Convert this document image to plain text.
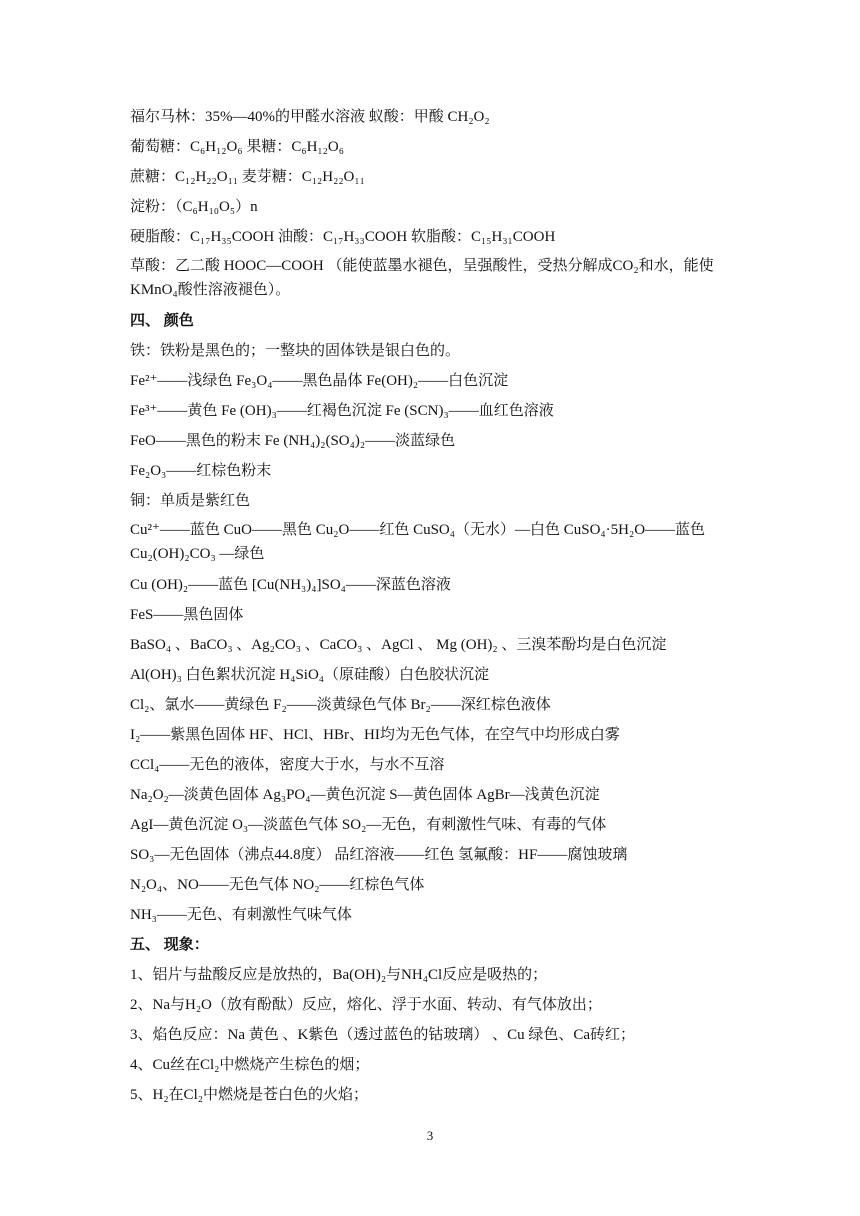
福尔马林：35%—40%的甲醛水溶液 蚁酸：甲酸 CH₂O₂
葡萄糖：C₆H₁₂O₆ 果糖：C₆H₁₂O₆
蔗糖：C₁₂H₂₂O₁₁ 麦芽糖：C₁₂H₂₂O₁₁
淀粉：（C₆H₁₀O₅）n
硬脂酸：C₁₇H₃₅COOH 油酸：C₁₇H₃₃COOH 软脂酸：C₁₅H₃₁COOH
草酸：乙二酸 HOOC—COOH （能使蓝墨水褪色，呈强酸性，受热分解成CO₂和水，能使KMnO₄酸性溶液褪色）。
四、 颜色
铁：铁粉是黑色的；一整块的固体铁是银白色的。
Fe²⁺——浅绿色 Fe₃O₄——黑色晶体 Fe(OH)₂——白色沉淀
Fe³⁺——黄色 Fe (OH)₃——红褐色沉淀 Fe (SCN)₃——血红色溶液
FeO——黑色的粉末 Fe (NH₄)₂(SO₄)₂——淡蓝绿色
Fe₂O₃——红棕色粉末
铜：单质是紫红色
Cu²⁺——蓝色 CuO——黑色 Cu₂O——红色 CuSO₄（无水）—白色 CuSO₄·5H₂O——蓝色 Cu₂(OH)₂CO₃ —绿色
Cu (OH)₂——蓝色 [Cu(NH₃)₄]SO₄——深蓝色溶液
FeS——黑色固体
BaSO₄ 、BaCO₃ 、Ag₂CO₃ 、CaCO₃ 、AgCl 、 Mg (OH)₂ 、三溴苯酚均是白色沉淀
Al(OH)₃ 白色絮状沉淀 H₄SiO₄（原硅酸）白色胶状沉淀
Cl₂、氯水——黄绿色 F₂——淡黄绿色气体 Br₂——深红棕色液体
I₂——紫黑色固体 HF、HCl、HBr、HI均为无色气体，在空气中均形成白雾
CCl₄——无色的液体，密度大于水，与水不互溶
Na₂O₂—淡黄色固体 Ag₃PO₄—黄色沉淀 S—黄色固体 AgBr—浅黄色沉淀
AgI—黄色沉淀 O₃—淡蓝色气体 SO₂—无色，有刺激性气味、有毒的气体
SO₃—无色固体（沸点44.8度） 品红溶液——红色 氢氟酸：HF——腐蚀玻璃
N₂O₄、NO——无色气体 NO₂——红棕色气体
NH₃——无色、有刺激性气味气体
五、 现象：
1、铝片与盐酸反应是放热的，Ba(OH)₂与NH₄Cl反应是吸热的；
2、Na与H₂O（放有酚酞）反应，熔化、浮于水面、转动、有气体放出；
3、焰色反应：Na 黄色 、K紫色（透过蓝色的钴玻璃） 、Cu 绿色、Ca砖红；
4、Cu丝在Cl₂中燃烧产生棕色的烟；
5、H₂在Cl₂中燃烧是苍白色的火焰；
3
